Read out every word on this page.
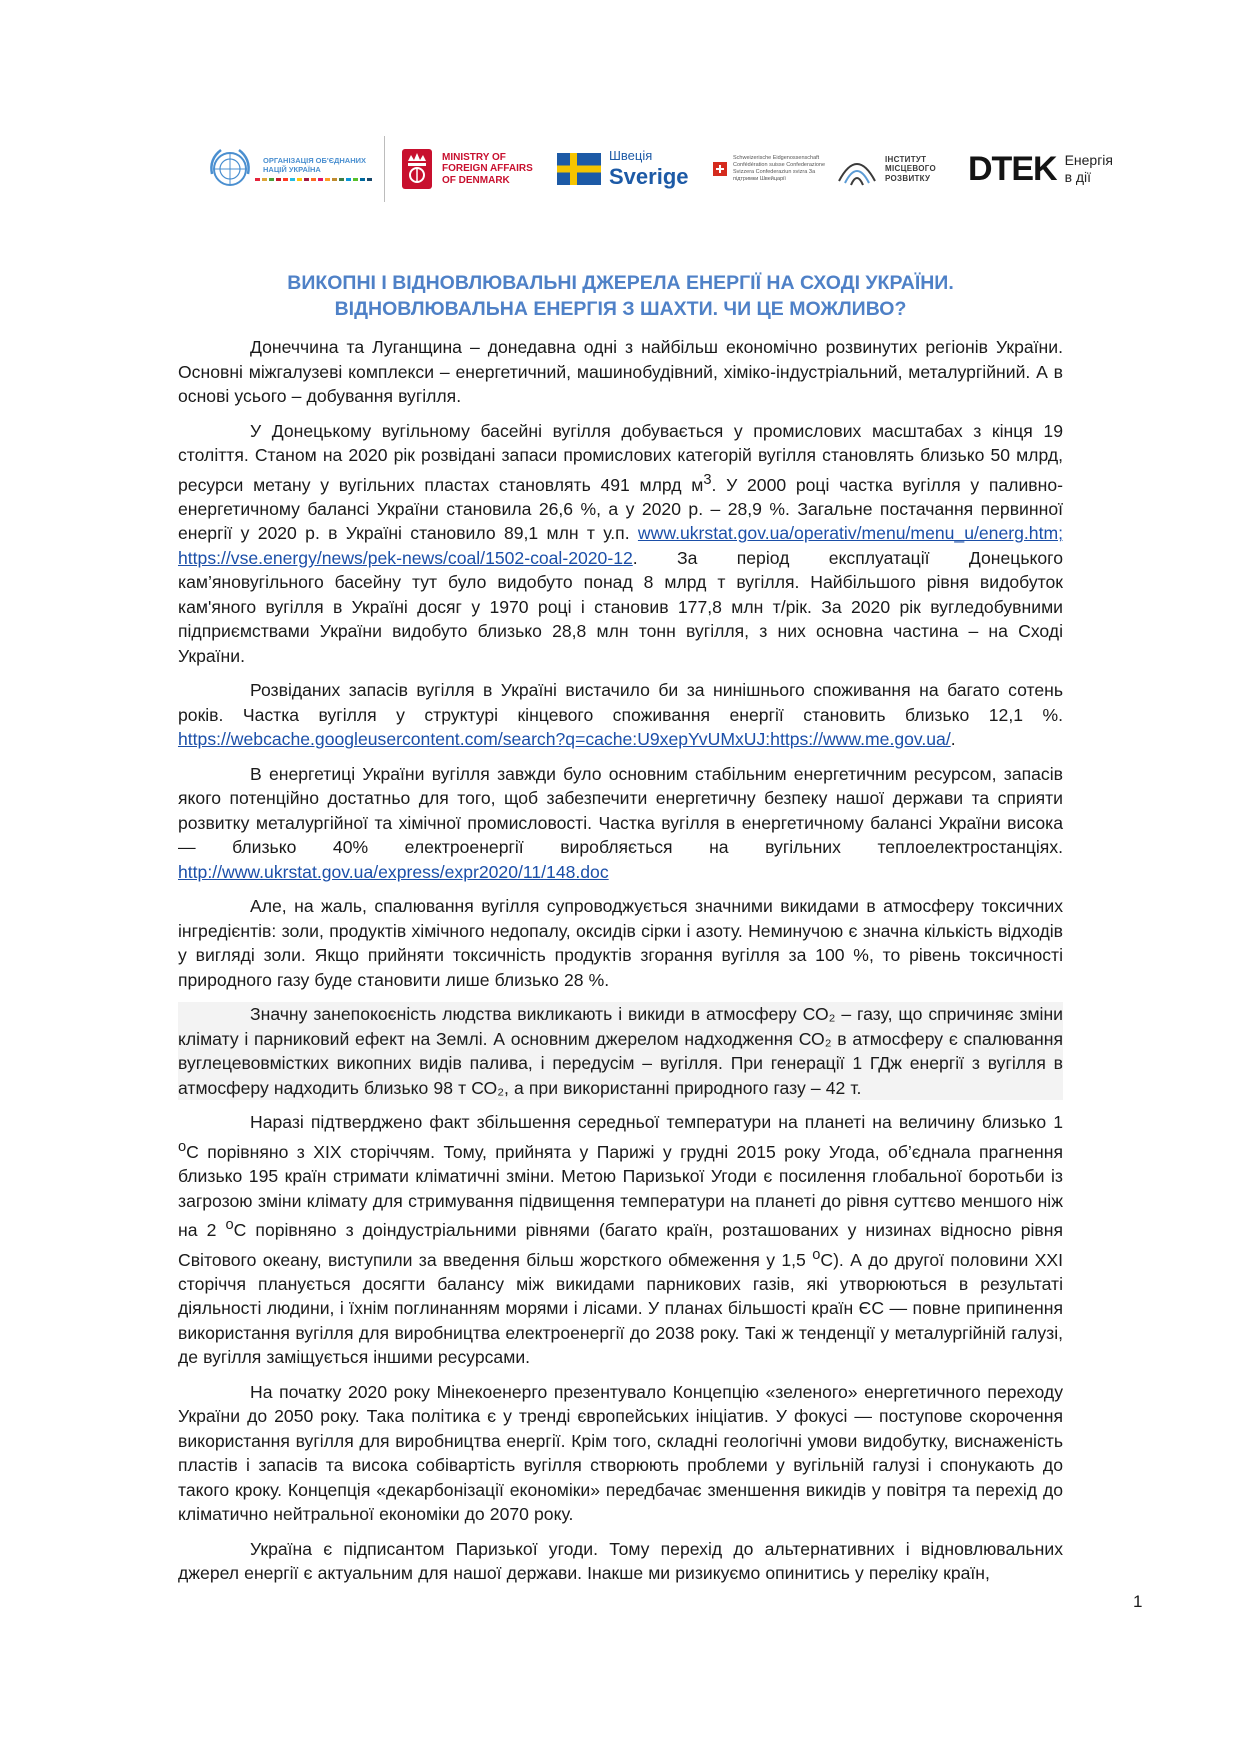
ОРГАНІЗАЦІЯ ОБ'ЄДНАНИХ НАЦІЙ УКРАЇНА
MINISTRY OF FOREIGN AFFAIRS OF DENMARK
Швеція
Sverige
Schweizerische Eidgenossenschaft Confédération suisse Confederazione Svizzera Confederaziun svizra За підтримки Швейцарії
ІНСТИТУТ МІСЦЕВОГО РОЗВИТКУ	DTEK Енергія
в дії
ВИКОПНІ І ВІДНОВЛЮВАЛЬНІ ДЖЕРЕЛА ЕНЕРГІЇ НА СХОДІ УКРАЇНИ.
ВІДНОВЛЮВАЛЬНА ЕНЕРГІЯ З ШАХТИ. ЧИ ЦЕ МОЖЛИВО?

Донеччина та Луганщина – донедавна одні з найбільш економічно розвинутих регіонів України. Основні міжгалузеві комплекси – енергетичний, машинобудівний, хіміко-індустріальний, металургійний. А в основі усього – добування вугілля.

У Донецькому вугільному басейні вугілля добувається у промислових масштабах з кінця 19 століття. Станом на 2020 рік розвідані запаси промислових категорій вугілля становлять близько 50 млрд, ресурси метану у вугільних пластах становлять 491 млрд $м^3$. У 2000 році частка вугілля у паливно-енергетичному балансі України становила 26,6 %, а у 2020 р. – 28,9 %. Загальне постачання первинної енергії у 2020 р. в Україні становило 89,1 млн т у.п. www.ukrstat.gov.ua/operativ/menu/menu_u/energ.htm; https://vse.energy/news/pek-news/coal/1502-coal-2020-12. За період експлуатації Донецького кам’яновугільного басейну тут було видобуто понад 8 млрд т вугілля. Найбільшого рівня видобуток кам'яного вугілля в Україні досяг у 1970 році і становив 177,8 млн т/рік. За 2020 рік вугледобувними підприємствами України видобуто близько 28,8 млн тонн вугілля, з них основна частина – на Сході України.

Розвіданих запасів вугілля в Україні вистачило би за нинішнього споживання на багато сотень років. Частка вугілля у структурі кінцевого споживання енергії становить близько 12,1 %. https://webcache.googleusercontent.com/search?q=cache:U9xepYvUMxUJ:https://www.me.gov.ua/.

В енергетиці України вугілля завжди було основним стабільним енергетичним ресурсом, запасів якого потенційно достатньо для того, щоб забезпечити енергетичну безпеку нашої держави та сприяти розвитку металургійної та хімічної промисловості. Частка вугілля в енергетичному балансі України висока — близько 40% електроенергії виробляється на вугільних теплоелектростанціях. http://www.ukrstat.gov.ua/express/expr2020/11/148.doc

Але, на жаль, спалювання вугілля супроводжується значними викидами в атмосферу токсичних інгредієнтів: золи, продуктів хімічного недопалу, оксидів сірки і азоту. Неминучою є значна кількість відходів у вигляді золи. Якщо прийняти токсичність продуктів згорання вугілля за 100 %, то рівень токсичності природного газу буде становити лише близько 28 %.

Значну занепокоєність людства викликають і викиди в атмосферу СО₂ – газу, що спричиняє зміни клімату і парниковий ефект на Землі. А основним джерелом надходження СО₂ в атмосферу є спалювання вуглецевовмістких викопних видів палива, і передусім – вугілля. При генерації 1 ГДж енергії з вугілля в атмосферу надходить близько 98 т СО₂, а при використанні природного газу – 42 т.

Наразі підтверджено факт збільшення середньої температури на планеті на величину близько 1 $^о$С порівняно з ХІХ сторіччям. Тому, прийнята у Парижі у грудні 2015 року Угода, об’єднала прагнення близько 195 країн стримати кліматичні зміни. Метою Паризької Угоди є посилення глобальної боротьби із загрозою зміни клімату для стримування підвищення температури на планеті до рівня суттєво меншого ніж на 2 $^о$С порівняно з доіндустріальними рівнями (багато країн, розташованих у низинах відносно рівня Світового океану, виступили за введення більш жорсткого обмеження у 1,5 $^о$С). А до другої половини XXI сторіччя планується досягти балансу між викидами парникових газів, які утворюються в результаті діяльності людини, і їхнім поглинанням морями і лісами. У планах більшості країн ЄС — повне припинення використання вугілля для виробництва електроенергії до 2038 року. Такі ж тенденції у металургійній галузі, де вугілля заміщується іншими ресурсами.

На початку 2020 року Мінекоенерго презентувало Концепцію «зеленого» енергетичного переходу України до 2050 року. Така політика є у тренді європейських ініціатив. У фокусі — поступове скорочення використання вугілля для виробництва енергії. Крім того, складні геологічні умови видобутку, виснаженість пластів і запасів та висока собівартість вугілля створюють проблеми у вугільній галузі і спонукають до такого кроку. Концепція «декарбонізації економіки» передбачає зменшення викидів у повітря та перехід до кліматично нейтральної економіки до 2070 року.

Україна є підписантом Паризької угоди. Тому перехід до альтернативних і відновлювальних джерел енергії є актуальним для нашої держави. Інакше ми ризикуємо опинитись у переліку країн,

1
